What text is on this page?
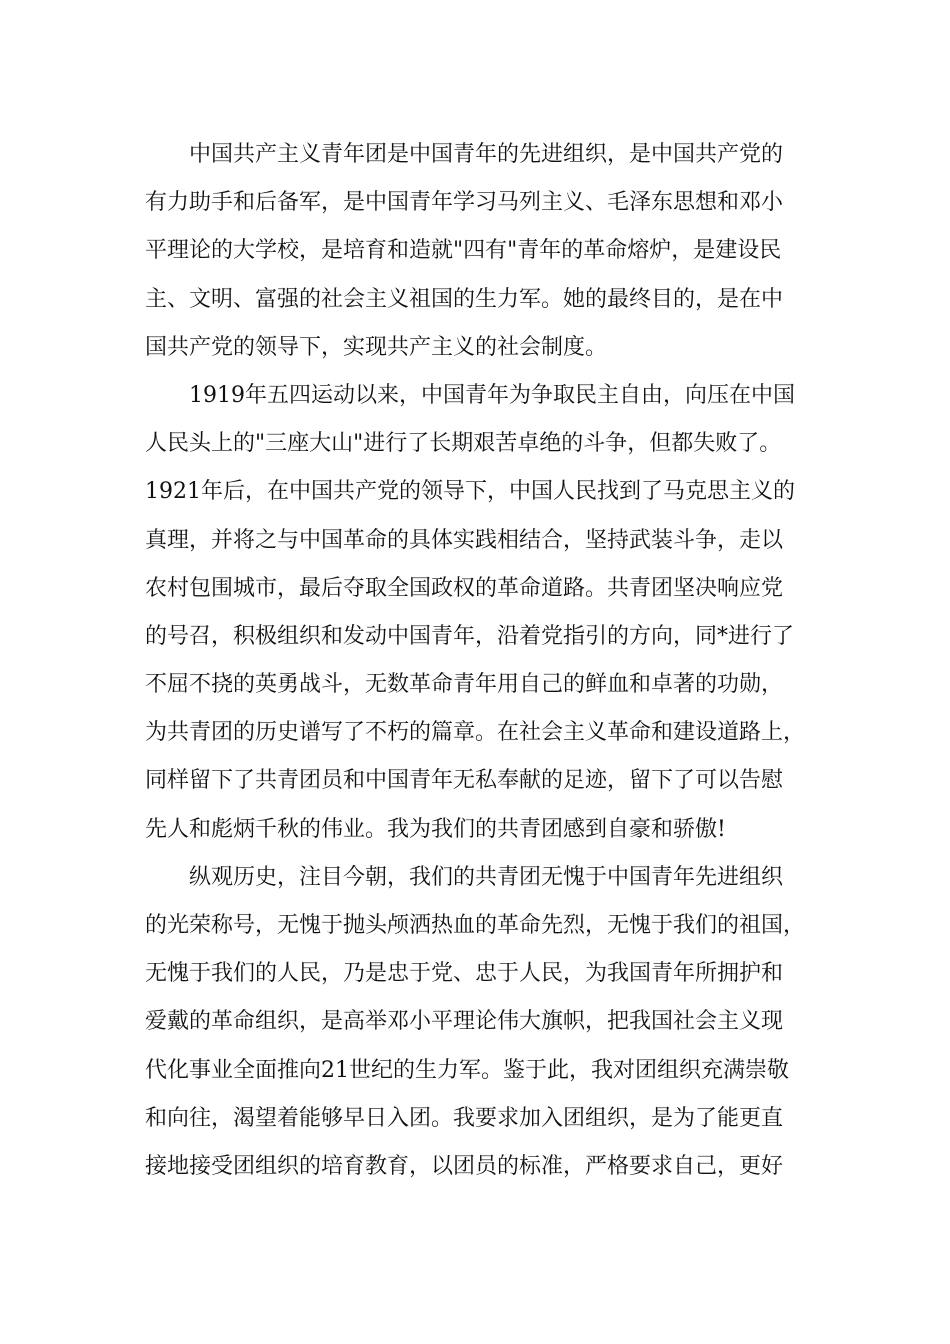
中国共产主义青年团是中国青年的先进组织，是中国共产党的
有力助手和后备军，是中国青年学习马列主义、毛泽东思想和邓小
平理论的大学校，是培育和造就"四有"青年的革命熔炉，是建设民
主、文明、富强的社会主义祖国的生力军。她的最终目的，是在中
国共产党的领导下，实现共产主义的社会制度。
1919年五四运动以来，中国青年为争取民主自由，向压在中国
人民头上的"三座大山"进行了长期艰苦卓绝的斗争，但都失败了。
1921年后，在中国共产党的领导下，中国人民找到了马克思主义的
真理，并将之与中国革命的具体实践相结合，坚持武装斗争，走以
农村包围城市，最后夺取全国政权的革命道路。共青团坚决响应党
的号召，积极组织和发动中国青年，沿着党指引的方向，同*进行了
不屈不挠的英勇战斗，无数革命青年用自己的鲜血和卓著的功勋，
为共青团的历史谱写了不朽的篇章。在社会主义革命和建设道路上，
同样留下了共青团员和中国青年无私奉献的足迹，留下了可以告慰
先人和彪炳千秋的伟业。我为我们的共青团感到自豪和骄傲!
纵观历史，注目今朝，我们的共青团无愧于中国青年先进组织
的光荣称号，无愧于抛头颅洒热血的革命先烈，无愧于我们的祖国，
无愧于我们的人民，乃是忠于党、忠于人民，为我国青年所拥护和
爱戴的革命组织，是高举邓小平理论伟大旗帜，把我国社会主义现
代化事业全面推向21世纪的生力军。鉴于此，我对团组织充满崇敬
和向往，渴望着能够早日入团。我要求加入团组织，是为了能更直
接地接受团组织的培育教育，以团员的标准，严格要求自己，更好
